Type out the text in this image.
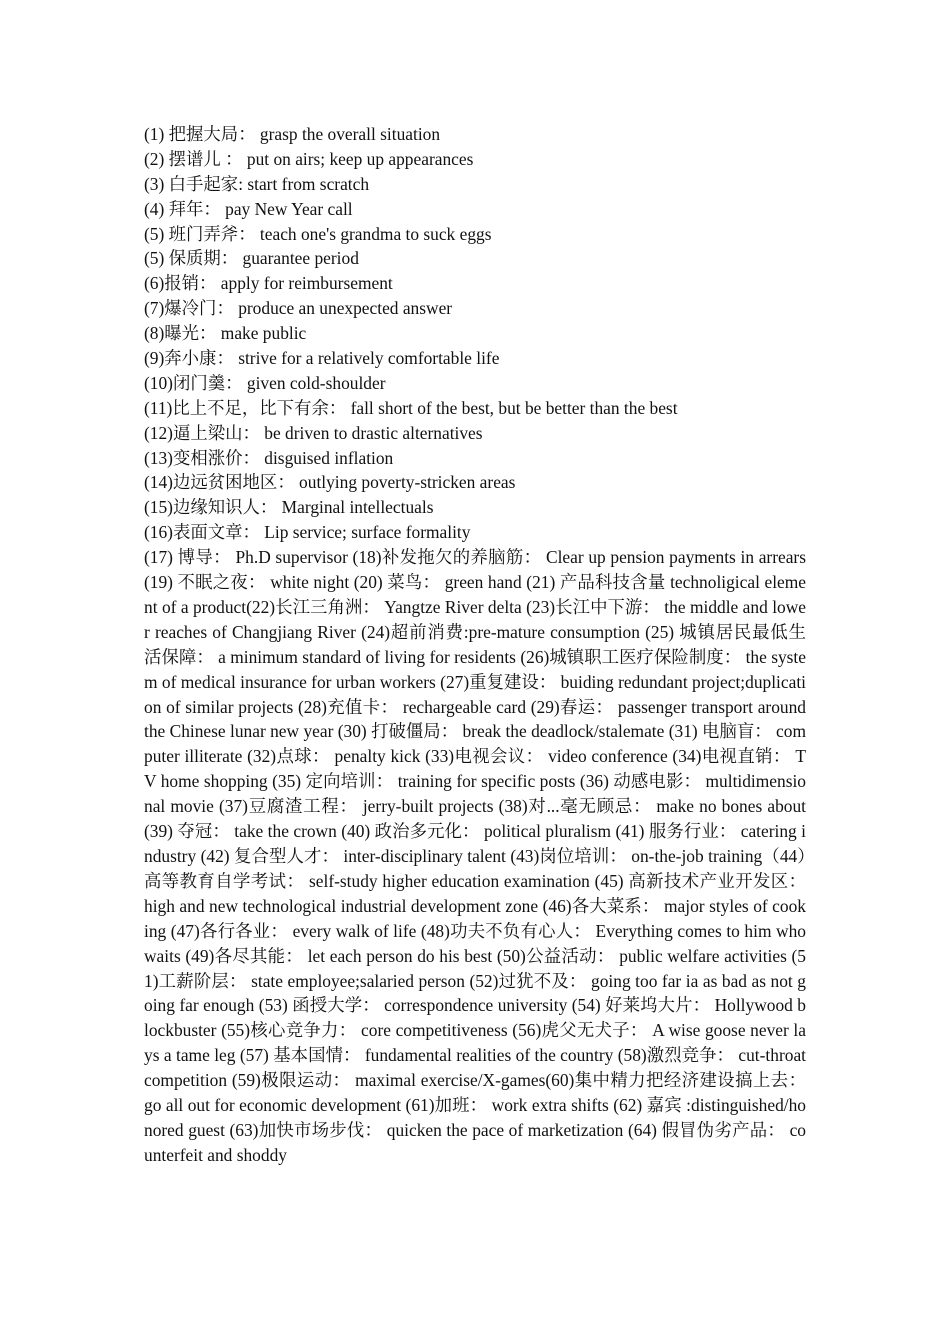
(1) 把握大局： grasp the overall situation
(2) 摆谱儿 ： put on airs; keep up appearances
(3) 白手起家: start from scratch
(4) 拜年： pay New Year call
(5) 班门弄斧： teach one's grandma to suck eggs
(5) 保质期： guarantee period
(6)报销： apply for reimbursement
(7)爆冷门： produce an unexpected answer
(8)曝光： make public
(9)奔小康： strive for a relatively comfortable life
(10)闭门羹： given cold-shoulder
(11)比上不足，比下有余： fall short of the best, but be better than the best
(12)逼上梁山： be driven to drastic alternatives
(13)变相涨价： disguised inflation
(14)边远贫困地区： outlying poverty-stricken areas
(15)边缘知识人： Marginal intellectuals
(16)表面文章： Lip service; surface formality

(17) 博导： Ph.D supervisor (18)补发拖欠的养脑筋： Clear up pension payments in arrears (19) 不眠之夜： white night (20) 菜鸟： green hand (21) 产品科技含量 technoligical element of a product(22)长江三角洲： Yangtze River delta (23)长江中下游： the middle and lower reaches of Changjiang River (24)超前消费:pre-mature consumption (25) 城镇居民最低生活保障： a minimum standard of living for residents (26)城镇职工医疗保险制度： the system of medical insurance for urban workers (27)重复建设： buiding redundant project;duplication of similar projects (28)充值卡： rechargeable card (29)春运： passenger transport around the Chinese lunar new year (30) 打破僵局： break the deadlock/stalemate (31) 电脑盲： computer illiterate (32)点球： penalty kick (33)电视会议： video conference (34)电视直销： TV home shopping (35) 定向培训： training for specific posts (36) 动感电影： multidimensional movie (37)豆腐渣工程： jerry-built projects (38)对...毫无顾忌： make no bones about (39) 夺冠： take the crown (40) 政治多元化： political pluralism (41) 服务行业： catering industry (42) 复合型人才： inter-disciplinary talent (43)岗位培训： on-the-job training（44）高等教育自学考试： self-study higher education examination (45) 高新技术产业开发区： high and new technological industrial development zone (46)各大菜系： major styles of cooking (47)各行各业： every walk of life (48)功夫不负有心人： Everything comes to him who waits (49)各尽其能： let each person do his best (50)公益活动： public welfare activities (51)工薪阶层： state employee;salaried person (52)过犹不及： going too far ia as bad as not going far enough (53) 函授大学： correspondence university (54) 好莱坞大片： Hollywood blockbuster (55)核心竞争力： core competitiveness (56)虎父无犬子： A wise goose never lays a tame leg (57) 基本国情： fundamental realities of the country (58)激烈竞争： cut-throat competition (59)极限运动： maximal exercise/X-games(60)集中精力把经济建设搞上去： go all out for economic development (61)加班： work extra shifts (62) 嘉宾 :distinguished/honored guest (63)加快市场步伐： quicken the pace of marketization (64) 假冒伪劣产品： counterfeit and shoddy
